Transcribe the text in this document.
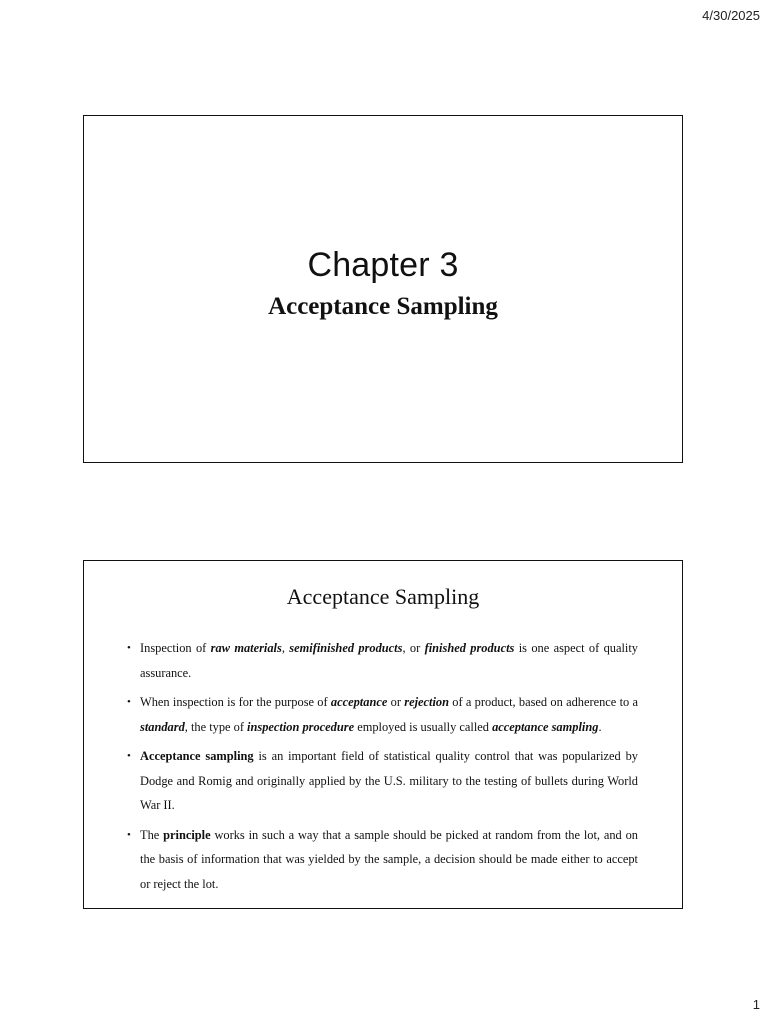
4/30/2025
Chapter 3
Acceptance Sampling
Acceptance Sampling
• Inspection of raw materials, semifinished products, or finished products is one aspect of quality assurance.
• When inspection is for the purpose of acceptance or rejection of a product, based on adherence to a standard, the type of inspection procedure employed is usually called acceptance sampling.
• Acceptance sampling is an important field of statistical quality control that was popularized by Dodge and Romig and originally applied by the U.S. military to the testing of bullets during World War II.
• The principle works in such a way that a sample should be picked at random from the lot, and on the basis of information that was yielded by the sample, a decision should be made either to accept or reject the lot.
1
